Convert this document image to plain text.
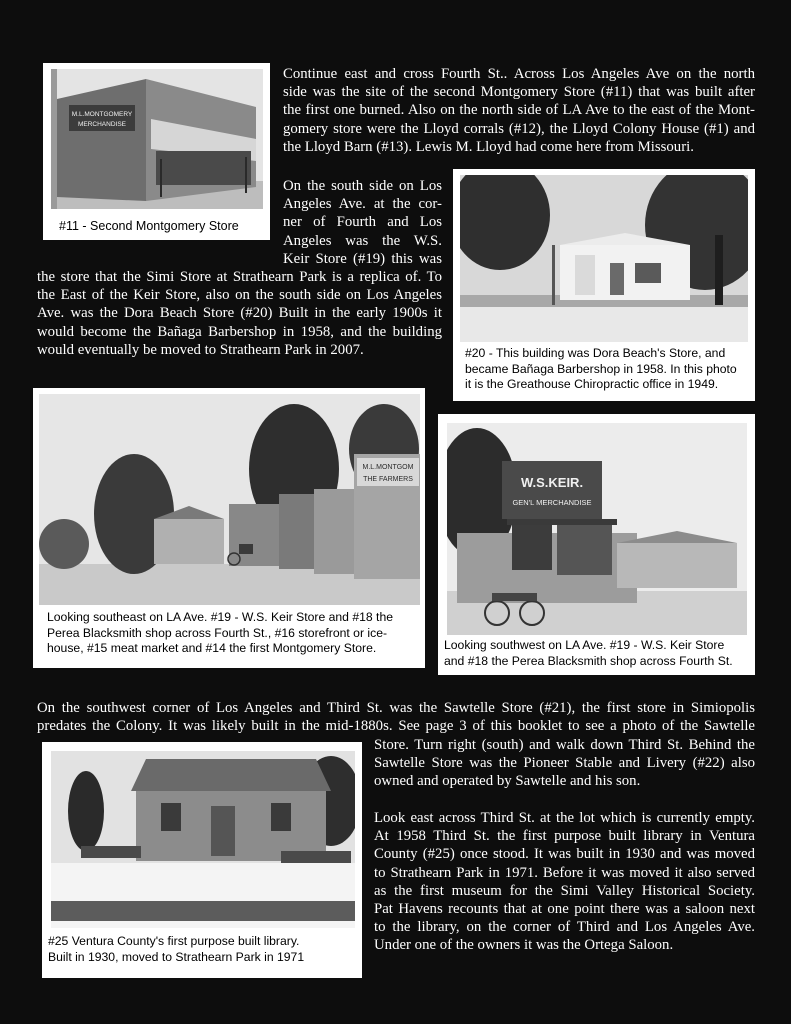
M.L.MONTGOMERY
MERCHANDISE
#11 - Second Montgomery Store
#20 - This building was Dora Beach's Store, and
became Bañaga Barbershop in 1958. In this photo
it is the Greathouse Chiropractic office in 1949.
M.L.MONTGOM
THE FARMERS
Looking southeast on LA Ave. #19 - W.S. Keir Store and #18 the
Perea Blacksmith shop across Fourth St., #16 storefront or ice-
house, #15 meat market and #14 the first Montgomery Store.
W.S.KEIR.
GEN'L MERCHANDISE
Looking southwest on LA Ave. #19 - W.S. Keir Store
and #18 the Perea Blacksmith shop across Fourth St.
#25 Ventura County's first purpose built library.
Built in 1930, moved to Strathearn Park in 1971
Continue east and cross Fourth St.. Across Los Angeles Ave on the north
side was the site of the second Montgomery Store (#11) that was built after
the first one burned. Also on the north side of LA Ave to the east of the Mont-
gomery store were the Lloyd corrals (#12), the Lloyd Colony House (#1) and
the Lloyd Barn (#13). Lewis M. Lloyd had come here from Missouri.
On the south side on Los
Angeles Ave. at the cor-
ner of Fourth and Los
Angeles was the W.S.
Keir Store (#19) this was
the store that the Simi Store at Strathearn Park is a replica of. To
the East of the Keir Store, also on the south side on Los Angeles
Ave. was the Dora Beach Store (#20) Built in the early 1900s it
would become the Bañaga Barbershop in 1958, and the building
would eventually be moved to Strathearn Park in 2007.
On the southwest corner of Los Angeles and Third St. was the Sawtelle Store (#21), the first store in Simiopolis
predates the Colony. It was likely built in the mid-1880s. See page 3 of this booklet to see a photo of the Sawtelle
Store. Turn right (south) and walk down Third St. Behind the
Sawtelle Store was the Pioneer Stable and Livery (#22) also
owned and operated by Sawtelle and his son.
Look east across Third St. at the lot which is currently empty.
At 1958 Third St. the first purpose built library in Ventura
County (#25) once stood. It was built in 1930 and was moved
to Strathearn Park in 1971. Before it was moved it also served
as the first museum for the Simi Valley Historical Society.
Pat Havens recounts that at one point there was a saloon next
to the library, on the corner of Third and Los Angeles Ave.
Under one of the owners it was the Ortega Saloon.
